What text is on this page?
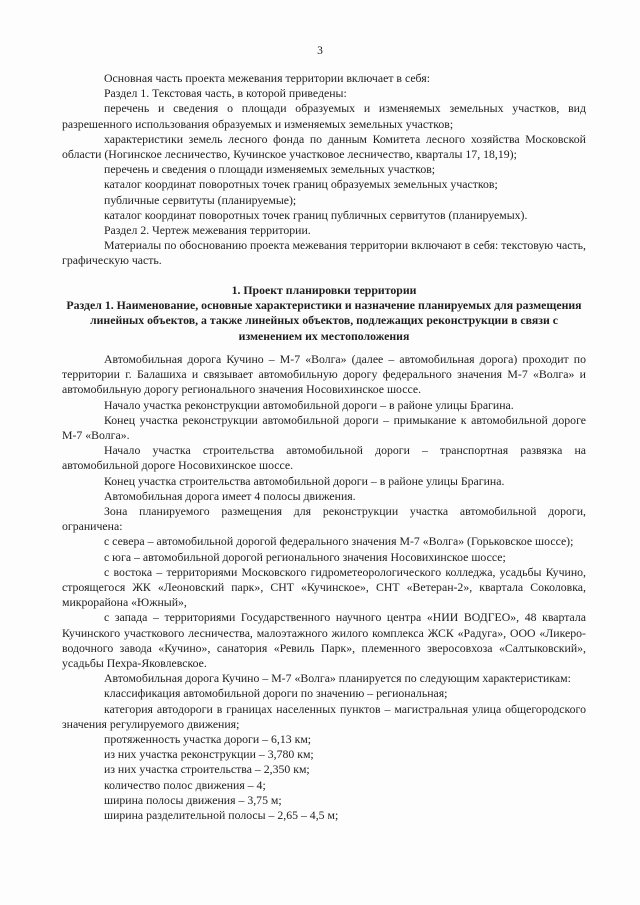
3

Основная часть проекта межевания территории включает в себя:

Раздел 1. Текстовая часть, в которой приведены:

перечень и сведения о площади образуемых и изменяемых земельных участков, вид разрешенного использования образуемых и изменяемых земельных участков;

характеристики земель лесного фонда по данным Комитета лесного хозяйства Московской области (Ногинское лесничество, Кучинское участковое лесничество, кварталы 17, 18,19);

перечень и сведения о площади изменяемых земельных участков;

каталог координат поворотных точек границ образуемых земельных участков;

публичные сервитуты (планируемые);

каталог координат поворотных точек границ публичных сервитутов (планируемых).

Раздел 2. Чертеж межевания территории.

Материалы по обоснованию проекта межевания территории включают в себя: текстовую часть, графическую часть.

1. Проект планировки территории

Раздел 1. Наименование, основные характеристики и назначение планируемых для размещения линейных объектов, а также линейных объектов, подлежащих реконструкции в связи с изменением их местоположения

Автомобильная дорога Кучино – М-7 «Волга» (далее – автомобильная дорога) проходит по территории г. Балашиха и связывает автомобильную дорогу федерального значения М-7 «Волга» и автомобильную дорогу регионального значения Носовихинское шоссе.

Начало участка реконструкции автомобильной дороги – в районе улицы Брагина.

Конец участка реконструкции автомобильной дороги – примыкание к автомобильной дороге М-7 «Волга».

Начало участка строительства автомобильной дороги – транспортная развязка на автомобильной дороге Носовихинское шоссе.

Конец участка строительства автомобильной дороги – в районе улицы Брагина.

Автомобильная дорога имеет 4 полосы движения.

Зона планируемого размещения для реконструкции участка автомобильной дороги, ограничена:

с севера – автомобильной дорогой федерального значения М-7 «Волга» (Горьковское шоссе);

с юга – автомобильной дорогой регионального значения Носовихинское шоссе;

с востока – территориями Московского гидрометеорологического колледжа, усадьбы Кучино, строящегося ЖК «Леоновский парк», СНТ «Кучинское», СНТ «Ветеран-2», квартала Соколовка, микрорайона «Южный»,

с запада – территориями Государственного научного центра «НИИ ВОДГЕО», 48 квартала Кучинского участкового лесничества, малоэтажного жилого комплекса ЖСК «Радуга», ООО «Ликеро-водочного завода «Кучино», санатория «Ревиль Парк», племенного зверосовхоза «Салтыковский», усадьбы Пехра-Яковлевское.

Автомобильная дорога Кучино – М-7 «Волга» планируется по следующим характеристикам:

классификация автомобильной дороги по значению – региональная;

категория автодороги в границах населенных пунктов – магистральная улица общегородского значения регулируемого движения;

протяженность участка дороги – 6,13 км;

из них участка реконструкции – 3,780 км;

из них участка строительства – 2,350 км;

количество полос движения – 4;

ширина полосы движения – 3,75 м;

ширина разделительной полосы – 2,65 – 4,5 м;
